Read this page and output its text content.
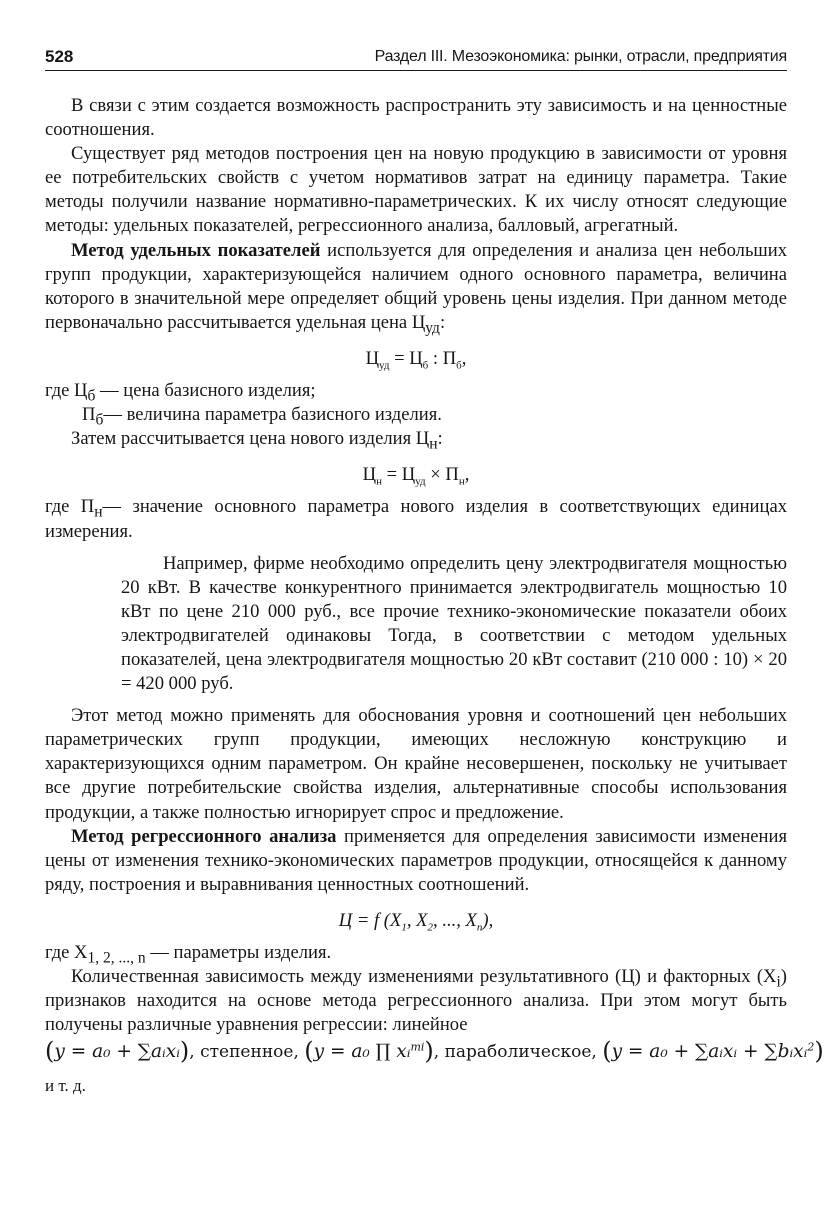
528	Раздел III. Мезоэкономика: рынки, отрасли, предприятия

В связи с этим создается возможность распространить эту зависимость и на ценностные соотношения.

Существует ряд методов построения цен на новую продукцию в зависимости от уровня ее потребительских свойств с учетом нормативов затрат на единицу параметра. Такие методы получили название нормативно-параметрических. К их числу относят следующие методы: удельных показателей, регрессионного анализа, балловый, агрегатный.

Метод удельных показателей используется для определения и анализа цен небольших групп продукции, характеризующейся наличием одного основного параметра, величина которого в значительной мере определяет общий уровень цены изделия. При данном методе первоначально рассчитывается удельная цена $Ц_{уд}$:

$Ц_{уд} = Ц_б$ : $П_б$,

где $Ц_б$ — цена базисного изделия;

$П_б—$ величина параметра базисного изделия.

Затем рассчитывается цена нового изделия $Ц_н$:

$Ц_н = Ц_{уд} \times П_н$,

где $П_н—$ значение основного параметра нового изделия в соответствующих единицах измерения.

Например, фирме необходимо определить цену электродвигателя мощностью 20 кВт. В качестве конкурентного принимается электродвигатель мощностью 10 кВт по цене 210 000 руб., все прочие технико-экономические показатели обоих электродвигателей одинаковы Тогда, в соответствии с методом удельных показателей, цена электродвигателя мощностью 20 кВт составит (210 000 : 10) × 20 = 420 000 руб.

Этот метод можно применять для обоснования уровня и соотношений цен небольших параметрических групп продукции, имеющих несложную конструкцию и характеризующихся одним параметром. Он крайне несовершенен, поскольку не учитывает все другие потребительские свойства изделия, альтернативные способы использования продукции, а также полностью игнорирует спрос и предложение.

Метод регрессионного анализа применяется для определения зависимости изменения цены от изменения технико-экономических параметров продукции, относящейся к данному ряду, построения и выравнивания ценностных соотношений.

Ц = f ($X_1$, $X_2$, ..., $X_n$),

где $X_{1, 2, ..., n}$ — параметры изделия.

Количественная зависимость между изменениями результативного (Ц) и факторных $(X_i)$ признаков находится на основе метода регрессионного анализа. При этом могут быть получены различные уравнения регрессии: линейное

(y = a₀ + ∑aᵢxᵢ), степенное, (y = a₀ ∏ xᵢ$^{mi}$), параболическое, (y = a₀ + ∑aᵢxᵢ + ∑bᵢxᵢ$^2$)

и т. д.
